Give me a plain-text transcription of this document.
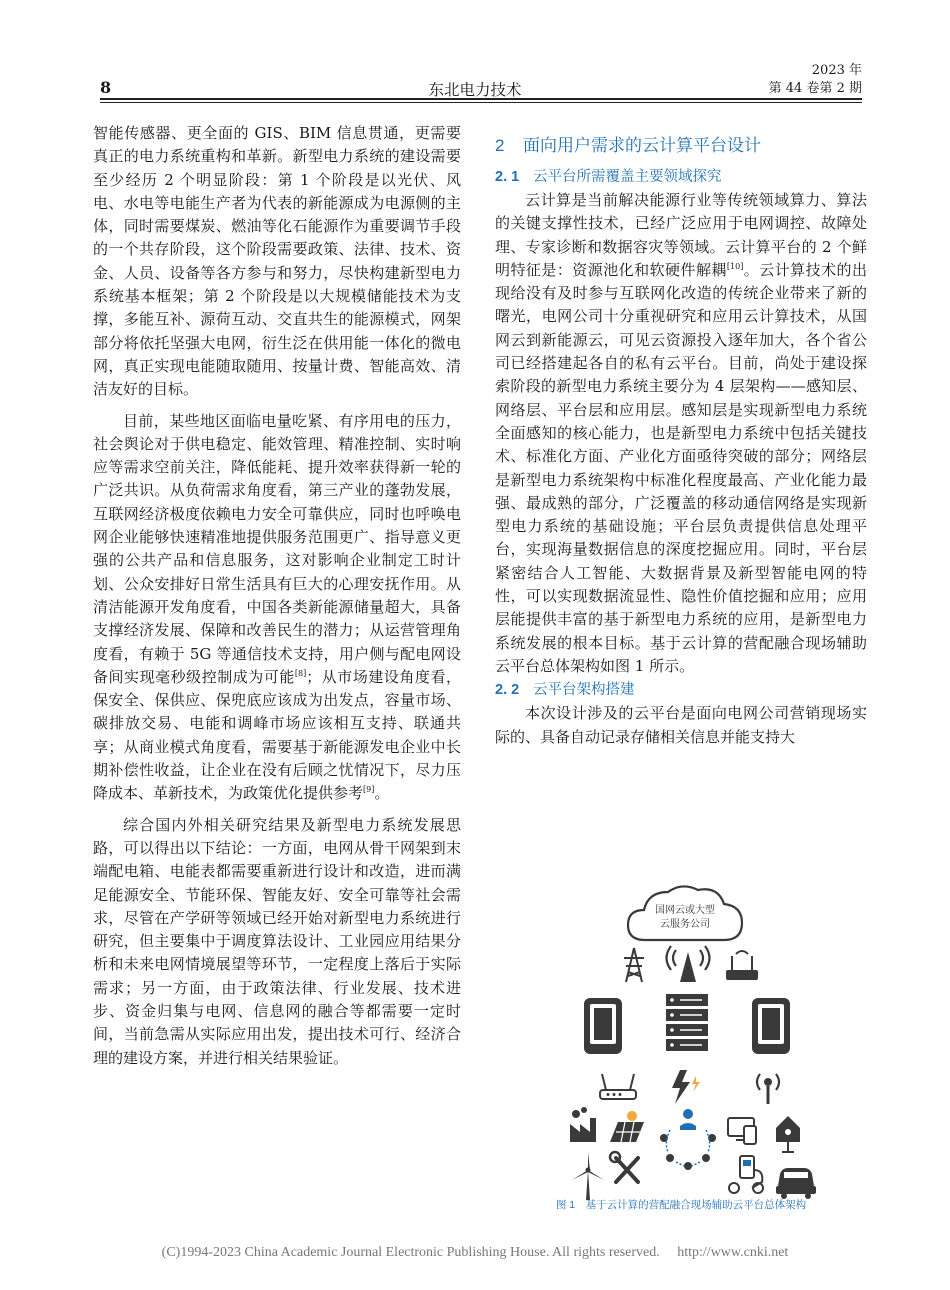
8	东北电力技术
2023 年
第 44 卷第 2 期

智能传感器、更全面的 GIS、BIM 信息贯通，更需要真正的电力系统重构和革新。新型电力系统的建设需要至少经历 2 个明显阶段：第 1 个阶段是以光伏、风电、水电等电能生产者为代表的新能源成为电源侧的主体，同时需要煤炭、燃油等化石能源作为重要调节手段的一个共存阶段，这个阶段需要政策、法律、技术、资金、人员、设备等各方参与和努力，尽快构建新型电力系统基本框架；第 2 个阶段是以大规模储能技术为支撑，多能互补、源荷互动、交直共生的能源模式，网架部分将依托坚强大电网，衍生泛在供用能一体化的微电网，真正实现电能随取随用、按量计费、智能高效、清洁友好的目标。

目前，某些地区面临电量吃紧、有序用电的压力，社会舆论对于供电稳定、能效管理、精准控制、实时响应等需求空前关注，降低能耗、提升效率获得新一轮的广泛共识。从负荷需求角度看，第三产业的蓬勃发展，互联网经济极度依赖电力安全可靠供应，同时也呼唤电网企业能够快速精准地提供服务范围更广、指导意义更强的公共产品和信息服务，这对影响企业制定工时计划、公众安排好日常生活具有巨大的心理安抚作用。从清洁能源开发角度看，中国各类新能源储量超大，具备支撑经济发展、保障和改善民生的潜力；从运营管理角度看，有赖于 5G 等通信技术支持，用户侧与配电网设备间实现毫秒级控制成为可能[8]；从市场建设角度看，保安全、保供应、保兜底应该成为出发点，容量市场、碳排放交易、电能和调峰市场应该相互支持、联通共享；从商业模式角度看，需要基于新能源发电企业中长期补偿性收益，让企业在没有后顾之忧情况下，尽力压降成本、革新技术，为政策优化提供参考[9]。

综合国内外相关研究结果及新型电力系统发展思路，可以得出以下结论：一方面，电网从骨干网架到末端配电箱、电能表都需要重新进行设计和改造，进而满足能源安全、节能环保、智能友好、安全可靠等社会需求，尽管在产学研等领域已经开始对新型电力系统进行研究，但主要集中于调度算法设计、工业园应用结果分析和未来电网情境展望等环节，一定程度上落后于实际需求；另一方面，由于政策法律、行业发展、技术进步、资金归集与电网、信息网的融合等都需要一定时间，当前急需从实际应用出发，提出技术可行、经济合理的建设方案，并进行相关结果验证。

2 面向用户需求的云计算平台设计
2. 1 云平台所需覆盖主要领域探究

云计算是当前解决能源行业等传统领域算力、算法的关键支撑性技术，已经广泛应用于电网调控、故障处理、专家诊断和数据容灾等领域。云计算平台的 2 个鲜明特征是：资源池化和软硬件解耦[10]。云计算技术的出现给没有及时参与互联网化改造的传统企业带来了新的曙光，电网公司十分重视研究和应用云计算技术，从国网云到新能源云，可见云资源投入逐年加大，各个省公司已经搭建起各自的私有云平台。目前，尚处于建设探索阶段的新型电力系统主要分为 4 层架构——感知层、网络层、平台层和应用层。感知层是实现新型电力系统全面感知的核心能力，也是新型电力系统中包括关键技术、标准化方面、产业化方面亟待突破的部分；网络层是新型电力系统架构中标准化程度最高、产业化能力最强、最成熟的部分，广泛覆盖的移动通信网络是实现新型电力系统的基础设施；平台层负责提供信息处理平台，实现海量数据信息的深度挖掘应用。同时，平台层紧密结合人工智能、大数据背景及新型智能电网的特性，可以实现数据流显性、隐性价值挖掘和应用；应用层能提供丰富的基于新型电力系统的应用，是新型电力系统发展的根本目标。基于云计算的营配融合现场辅助云平台总体架构如图 1 所示。

2. 2 云平台架构搭建

本次设计涉及的云平台是面向电网公司营销现场实际的、具备自动记录存储相关信息并能支持大

国网云或大型
云服务公司
图 1　基于云计算的营配融合现场辅助云平台总体架构
(C)1994-2023 China Academic Journal Electronic Publishing House. All rights reserved.　 http://www.cnki.net
